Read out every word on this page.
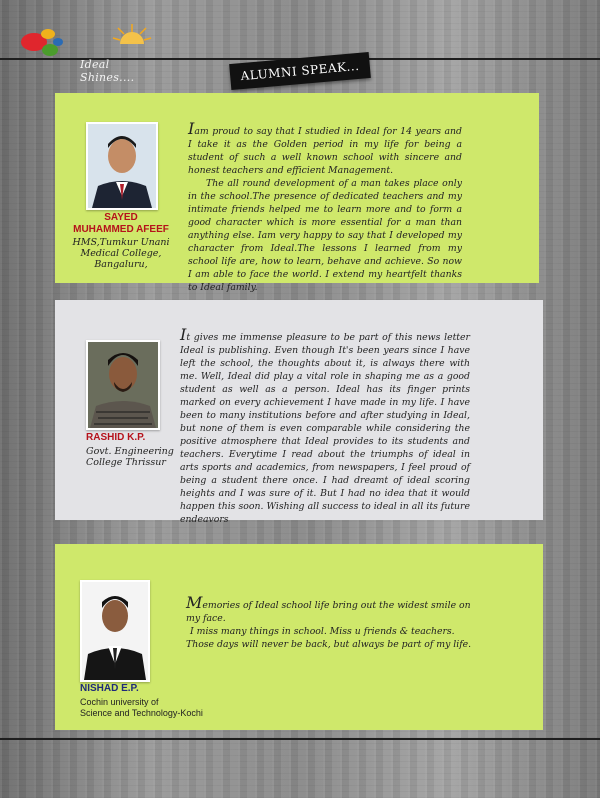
Ideal Shines....	ALUMNI SPEAK...
SAYED
MUHAMMED AFEEF
HMS,Tumkur Unani
Medical College,
Bangaluru,

Iam proud to say that I studied in Ideal for 14 years and I take it as the Golden period in my life for being a student of such a well known school with sincere and honest teachers and efficient Management.

The all round development of a man takes place only in the school.The presence of dedicated teachers and my intimate friends helped me to learn more and to form a good character which is more essential for a man than anything else. Iam very happy to say that I developed my character from Ideal.The lessons I learned from my school life are, how to learn, behave and achieve. So now I am able to face the world. I extend my heartfelt thanks to Ideal family.

RASHID K.P.
Govt. Engineering
College Thrissur

It gives me immense pleasure to be part of this news letter Ideal is publishing. Even though It's been years since I have left the school, the thoughts about it, is always there with me. Well, Ideal did play a vital role in shaping me as a good student as well as a person. Ideal has its finger prints marked on every achievement I have made in my life. I have been to many institutions before and after studying in Ideal, but none of them is even comparable while considering the positive atmosphere that Ideal provides to its students and teachers. Everytime I read about the triumphs of ideal in arts sports and academics, from newspapers, I feel proud of being a student there once. I had dreamt of ideal scoring heights and I was sure of it. But I had no idea that it would happen this soon. Wishing all success to ideal in all its future endeavors

NISHAD E.P.
Cochin university of
Science and Technology-Kochi

Memories of Ideal school life bring out the widest smile on my face.

I miss many things in school. Miss u friends & teachers.

Those days will never be back, but always be part of my life.
